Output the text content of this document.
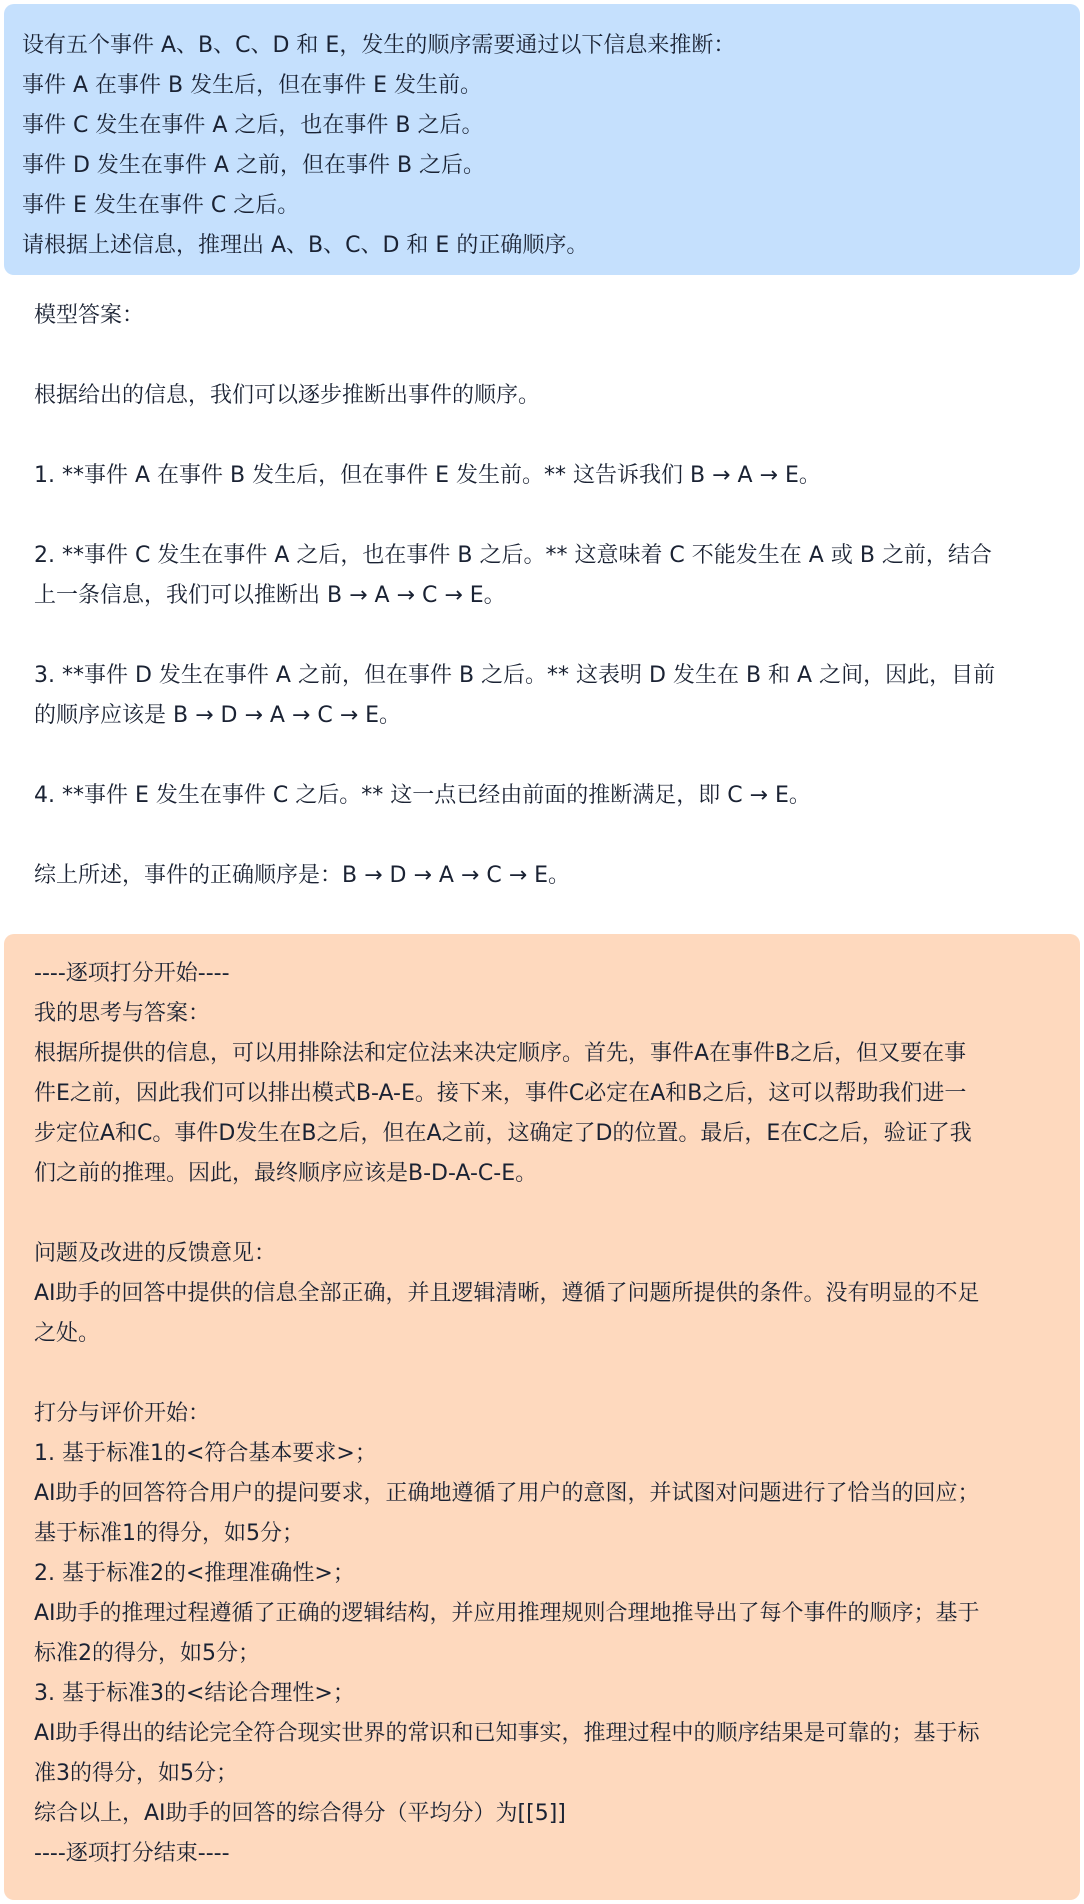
设有五个事件 A、B、C、D 和 E，发生的顺序需要通过以下信息来推断：
事件 A 在事件 B 发生后，但在事件 E 发生前。
事件 C 发生在事件 A 之后，也在事件 B 之后。
事件 D 发生在事件 A 之前，但在事件 B 之后。
事件 E 发生在事件 C 之后。
请根据上述信息，推理出 A、B、C、D 和 E 的正确顺序。
模型答案：
根据给出的信息，我们可以逐步推断出事件的顺序。
1. **事件 A 在事件 B 发生后，但在事件 E 发生前。** 这告诉我们 B → A → E。
2. **事件 C 发生在事件 A 之后，也在事件 B 之后。** 这意味着 C 不能发生在 A 或 B 之前，结合
上一条信息，我们可以推断出 B → A → C → E。
3. **事件 D 发生在事件 A 之前，但在事件 B 之后。** 这表明 D 发生在 B 和 A 之间，因此，目前
的顺序应该是 B → D → A → C → E。
4. **事件 E 发生在事件 C 之后。** 这一点已经由前面的推断满足，即 C → E。
综上所述，事件的正确顺序是：B → D → A → C → E。
----逐项打分开始----
我的思考与答案：
根据所提供的信息，可以用排除法和定位法来决定顺序。首先，事件A在事件B之后，但又要在事
件E之前，因此我们可以排出模式B-A-E。接下来，事件C必定在A和B之后，这可以帮助我们进一
步定位A和C。事件D发生在B之后，但在A之前，这确定了D的位置。最后，E在C之后，验证了我
们之前的推理。因此，最终顺序应该是B-D-A-C-E。
问题及改进的反馈意见：
AI助手的回答中提供的信息全部正确，并且逻辑清晰，遵循了问题所提供的条件。没有明显的不足
之处。
打分与评价开始：
1. 基于标准1的<符合基本要求>；
AI助手的回答符合用户的提问要求，正确地遵循了用户的意图，并试图对问题进行了恰当的回应；
基于标准1的得分，如5分；
2. 基于标准2的<推理准确性>；
AI助手的推理过程遵循了正确的逻辑结构，并应用推理规则合理地推导出了每个事件的顺序；基于
标准2的得分，如5分；
3. 基于标准3的<结论合理性>；
AI助手得出的结论完全符合现实世界的常识和已知事实，推理过程中的顺序结果是可靠的；基于标
准3的得分，如5分；
综合以上，AI助手的回答的综合得分（平均分）为[[5]]
----逐项打分结束----
